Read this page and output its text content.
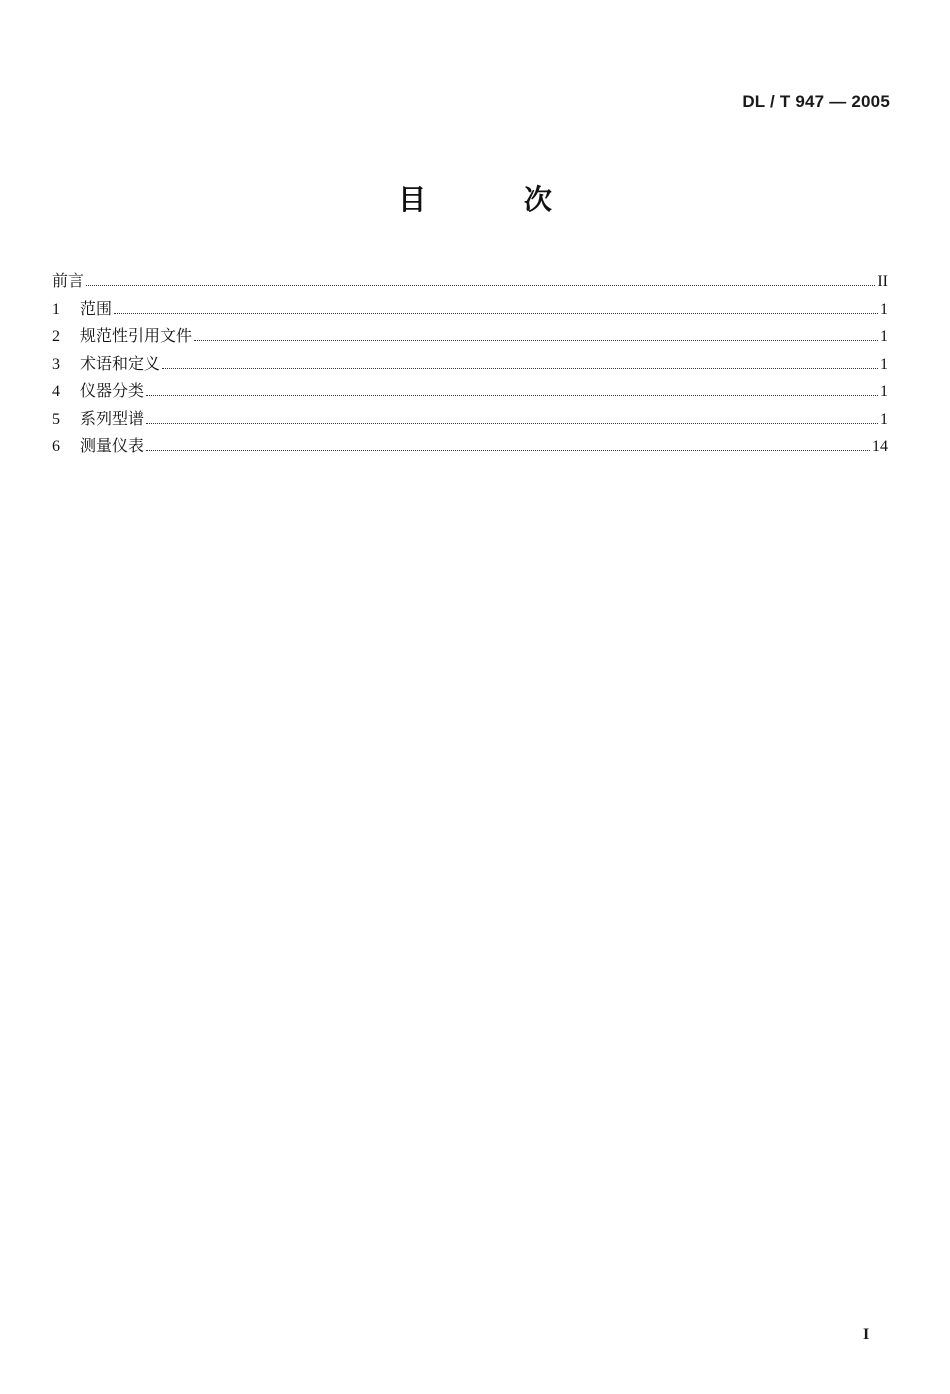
DL / T 947 — 2005
目 次
前言	II
1	范围	1
2	规范性引用文件	1
3	术语和定义	1
4	仪器分类	1
5	系列型谱	1
6	测量仪表	14
I
